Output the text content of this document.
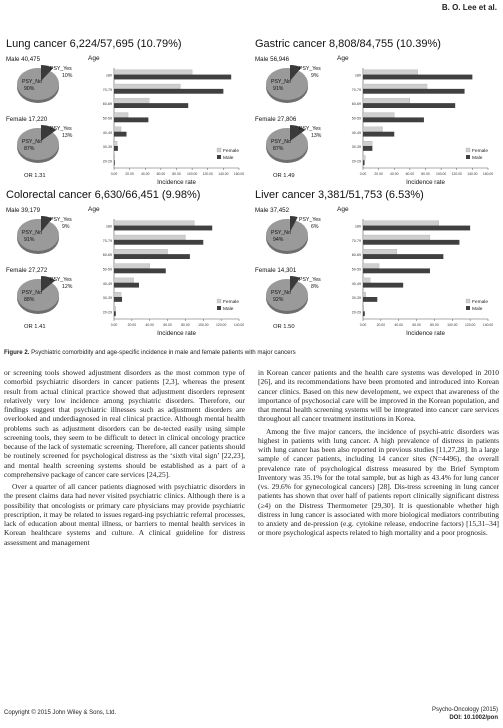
B. O. Lee et al.
Lung cancer 6,224/57,695 (10.79%)
Male 40,475
PSY_Yes
10%
PSY_No
90%
Female 17,220
PSY_Yes
13%
PSY_No
87%
OR 1.31
Age
0.00 20.00 40.00 60.00 80.00 100.00 120.00 140.00 160.00
Incidence rate
20-29
30-39
40-49
50-59
60-69
70-79
≥80
Female
Male
Gastric cancer 8,808/84,755 (10.39%)
Male 56,946
PSY_Yes
9%
PSY_No
91%
Female 27,806
PSY_Yes
13%
PSY_No
87%
OR 1.49
Age
0.00 20.00 40.00 60.00 80.00 100.00 120.00 140.00 160.00
Incidence rate
20-29
30-39
40-49
50-59
60-69
70-79
≥80
Female
Male
Colorectal cancer 6,630/66,451 (9.98%)
Male 39,179
PSY_Yes
9%
PSY_No
91%
Female 27,272
PSY_Yes
12%
PSY_No
88%
OR 1.41
Age
0.00	20.00	40.00	60.00	80.00 100.00 120.00 140.00
Incidence rate
20-29
30-39
40-49
50-59
60-69
70-79
≥80
Female
Male
Liver cancer 3,381/51,753 (6.53%)
Male 37,452
PSY_Yes
6%
PSY_No
94%
Female 14,301
PSY_Yes
8%
PSY_No
92%
OR 1.50
Age
0.00	20.00	40.00	60.00	80.00 100.00 120.00 140.00
Incidence rate
20-29
30-39
40-49
50-59
60-69
70-79
≥80
Female
Male
Figure 2. Psychiatric comorbidity and age-specific incidence in male and female patients with major cancers

or screening tools showed adjustment disorders as the most common type of comorbid psychiatric disorders in cancer patients [2,3], whereas the present result from actual clinical practice showed that adjustment disorders represent relatively very low incidence among psychiatric disorders. Therefore, our findings suggest that psychiatric illnesses such as adjustment disorders are overlooked and underdiagnosed in real clinical practice. Although mental health problems such as adjustment disorders can be de-tected easily using simple screening tools, they seem to be difficult to detect in clinical oncology practice because of the lack of systematic screening. Therefore, all cancer patients should be routinely screened for psychological distress as the ‘sixth vital sign’ [22,23], and mental health screening systems should be established as a part of a comprehensive package of cancer care services [24,25].

Over a quarter of all cancer patients diagnosed with psychiatric disorders in the present claims data had never visited psychiatric clinics. Although there is a possibility that oncologists or primary care physicians may provide psychiatric prescription, it may be related to issues regard-ing psychiatric referral processes, lack of education about mental illness, or barriers to mental health services in Korean healthcare systems and culture. A clinical guideline for distress assessment and management

in Korean cancer patients and the health care systems was developed in 2010 [26], and its recommendations have been promoted and introduced into Korean cancer clinics. Based on this new development, we expect that awareness of the importance of psychosocial care will be improved in the Korean population, and that mental health screening systems will be integrated into cancer care services throughout all cancer treatment institutions in Korea.

Among the five major cancers, the incidence of psychi-atric disorders was highest in patients with lung cancer. A high prevalence of distress in patients with lung cancer has been also reported in previous studies [11,27,28]. In a large sample of cancer patients, including 14 cancer sites (N=4496), the overall prevalence rate of psychological distress measured by the Brief Symptom Inventory was 35.1% for the total sample, but as high as 43.4% for lung cancer (vs. 29.6% for gynecological cancers) [28]. Dis-tress screening in lung cancer patients has shown that over half of patients report clinically significant distress (≥4) on the Distress Thermometer [29,30]. It is questionable whether high distress in lung cancer is associated with more biological mediators contributing to anxiety and de-pression (e.g. cytokine release, endocrine factors) [15,31–34] or more psychological aspects related to high mortality and a poor prognosis.

Copyright © 2015 John Wiley & Sons, Ltd.	Psycho-Oncology (2015)
DOI: 10.1002/pon
